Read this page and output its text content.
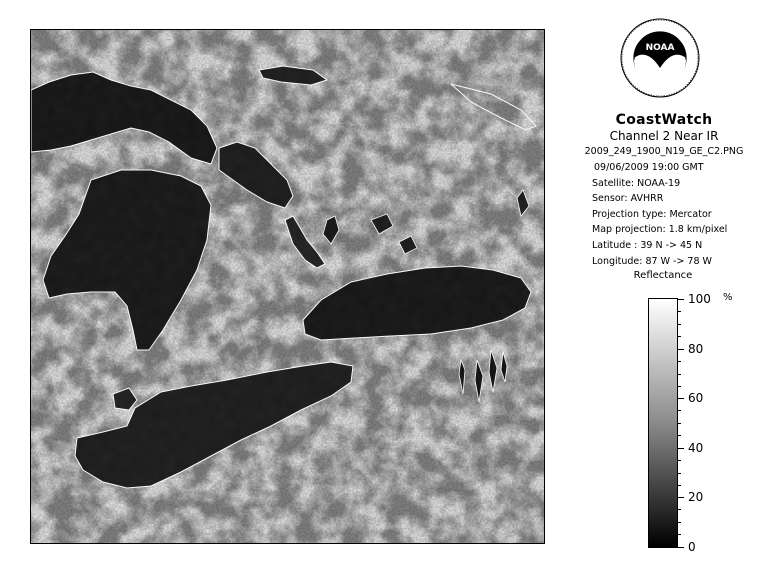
NOAA
CoastWatch
Channel 2 Near IR
2009_249_1900_N19_GE_C2.PNG
09/06/2009 19:00 GMT
Satellite: NOAA-19
Sensor: AVHRR
Projection type: Mercator
Map projection: 1.8 km/pixel
Latitude : 39 N -> 45 N
Longitude: 87 W -> 78 W
Reflectance
%
100
80
60
40
20
0
